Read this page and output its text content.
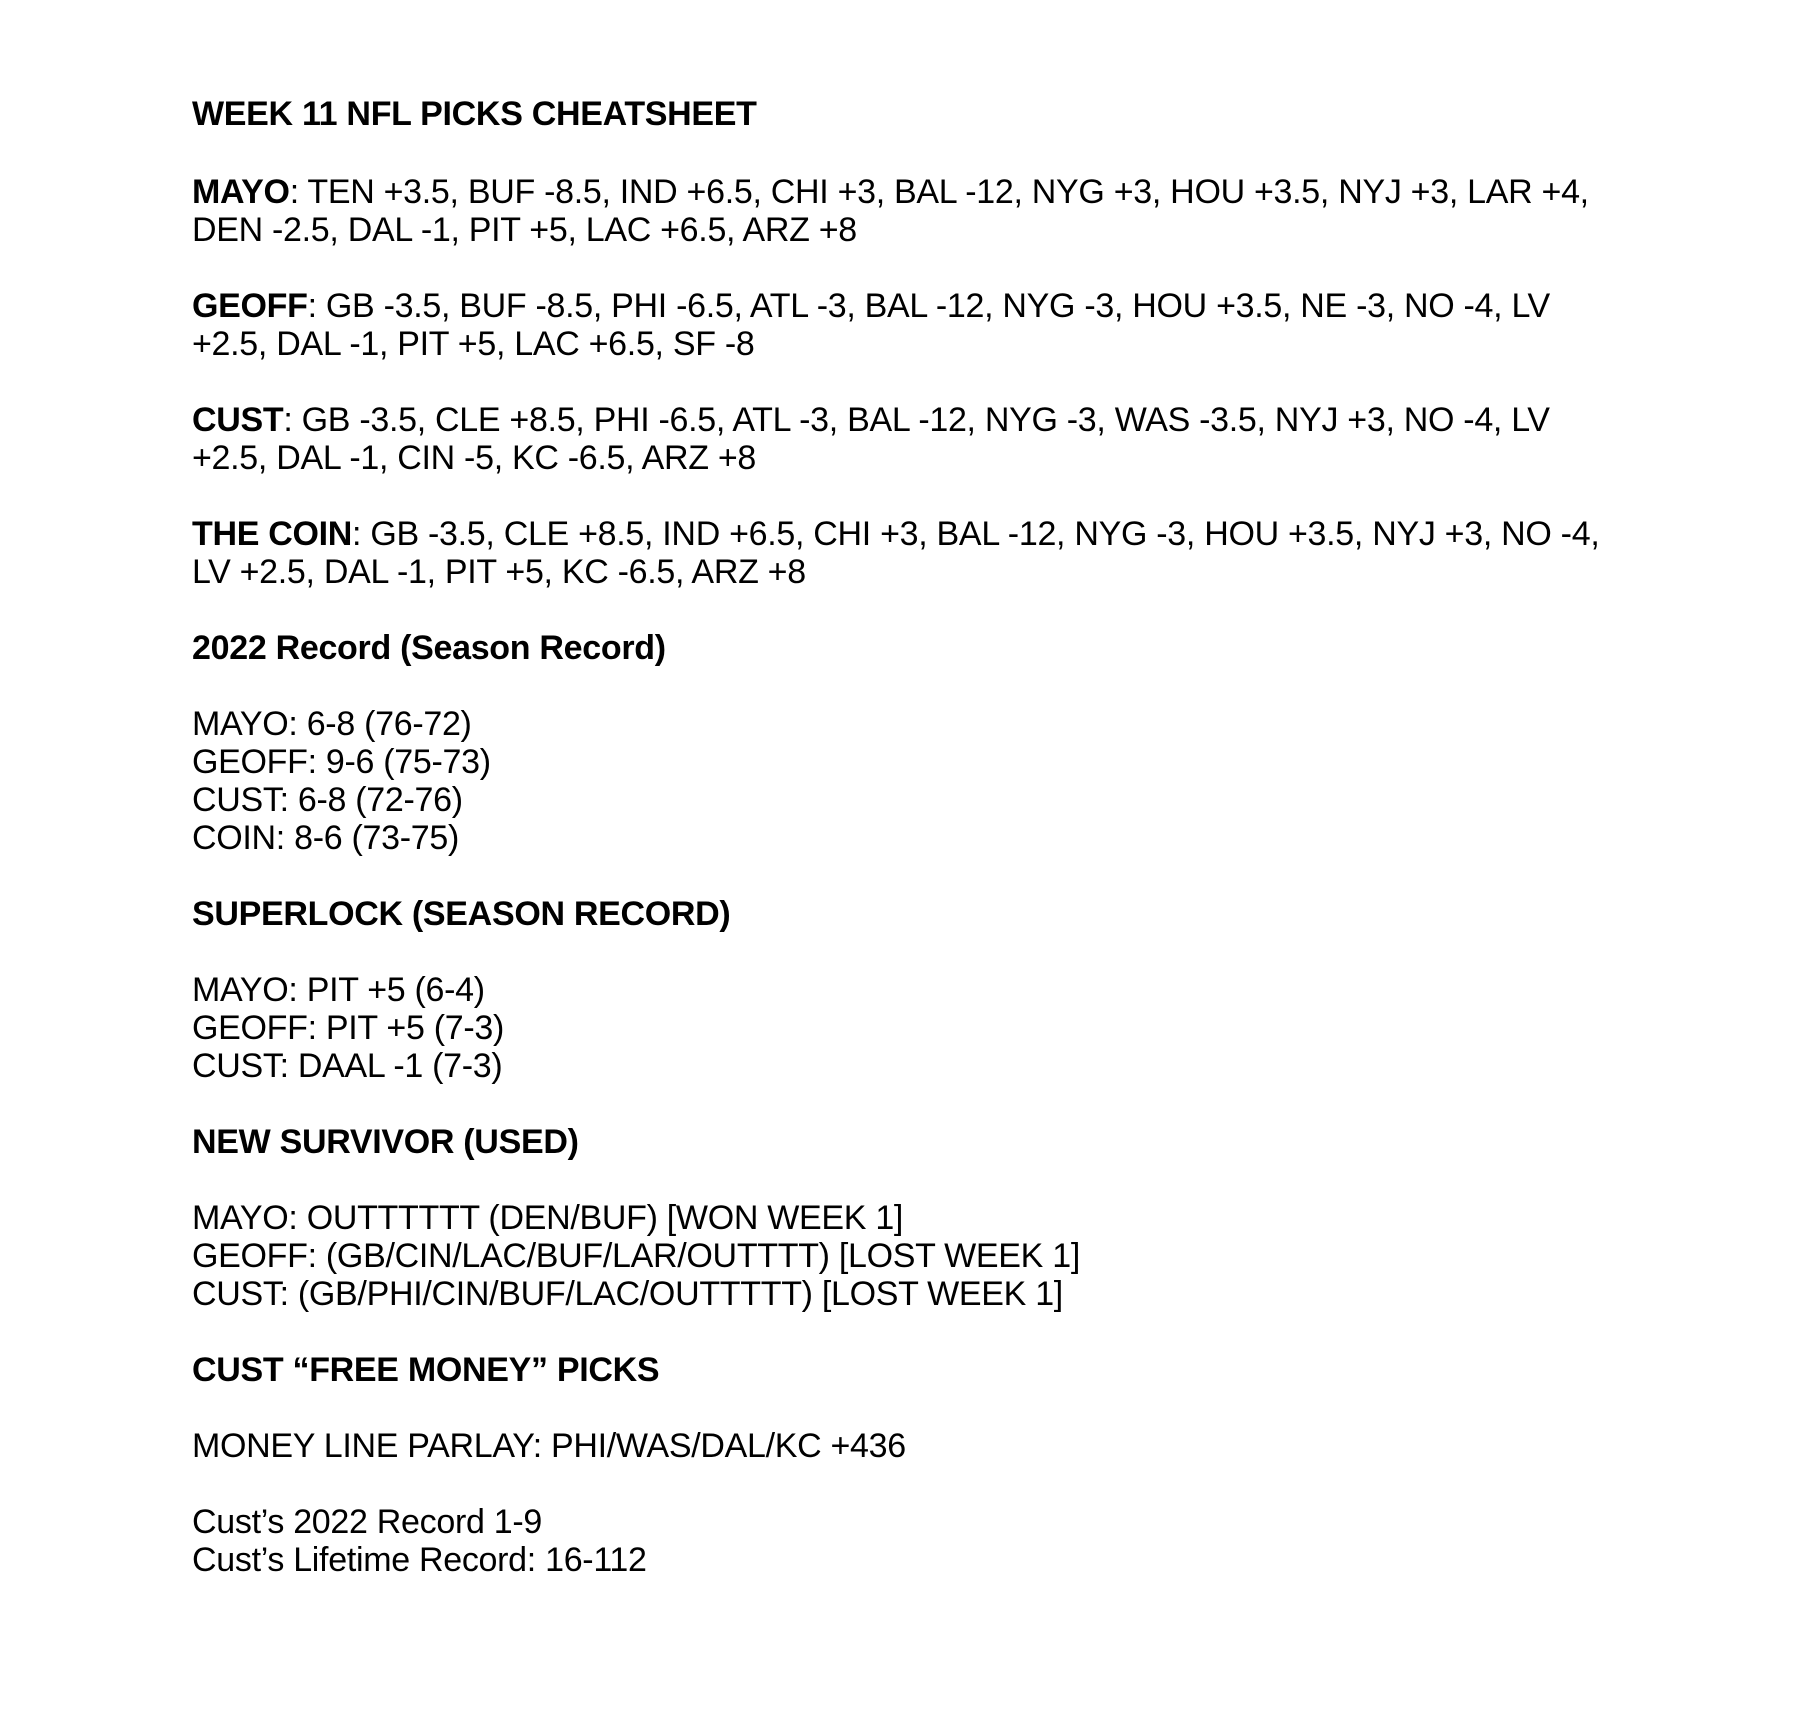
WEEK 11 NFL PICKS CHEATSHEET

MAYO: TEN +3.5, BUF -8.5, IND +6.5, CHI +3, BAL -12, NYG +3, HOU +3.5, NYJ +3, LAR +4,
DEN -2.5, DAL -1, PIT +5, LAC +6.5, ARZ +8
GEOFF: GB -3.5, BUF -8.5, PHI -6.5, ATL -3, BAL -12, NYG -3, HOU +3.5, NE -3, NO -4, LV
+2.5, DAL -1, PIT +5, LAC +6.5, SF -8
CUST: GB -3.5, CLE +8.5, PHI -6.5, ATL -3, BAL -12, NYG -3, WAS -3.5, NYJ +3, NO -4, LV
+2.5, DAL -1, CIN -5, KC -6.5, ARZ +8
THE COIN: GB -3.5, CLE +8.5, IND +6.5, CHI +3, BAL -12, NYG -3, HOU +3.5, NYJ +3, NO -4,
LV +2.5, DAL -1, PIT +5, KC -6.5, ARZ +8

2022 Record (Season Record)

MAYO: 6-8 (76-72)
GEOFF: 9-6 (75-73)
CUST: 6-8 (72-76)
COIN: 8-6 (73-75)

SUPERLOCK (SEASON RECORD)

MAYO: PIT +5 (6-4)
GEOFF: PIT +5 (7-3)
CUST: DAAL -1 (7-3)

NEW SURVIVOR (USED)

MAYO: OUTTTTTT (DEN/BUF) [WON WEEK 1]
GEOFF: (GB/CIN/LAC/BUF/LAR/OUTTTT) [LOST WEEK 1]
CUST: (GB/PHI/CIN/BUF/LAC/OUTTTTT) [LOST WEEK 1]

CUST “FREE MONEY” PICKS

MONEY LINE PARLAY: PHI/WAS/DAL/KC +436
Cust’s 2022 Record 1-9
Cust’s Lifetime Record: 16-112
